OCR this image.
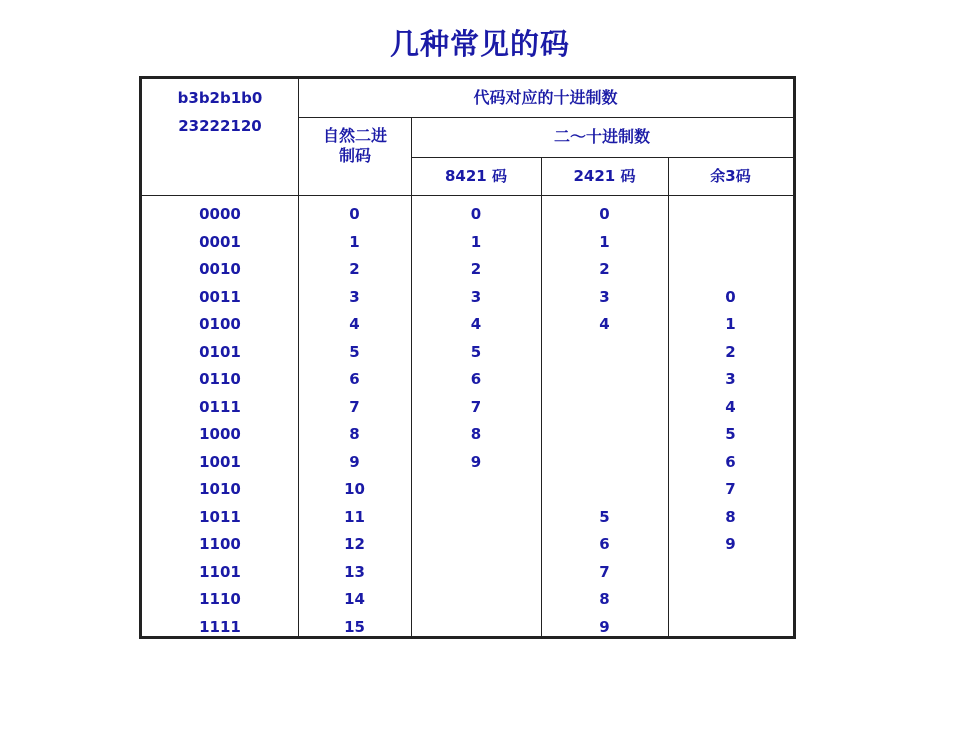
几种常见的码
b3b2b1b0
23222120
代码对应的十进制数
自然二进
制码
二～十进制数
8421 码	2421 码	余3码
0000
0001
0010
0011
0100
0101
0110
0111
1000
1001
1010
1011
1100
1101
1110
1111
0
1
2
3
4
5
6
7
8
9
10
11
12
13
14
15
0
1
2
3
4
5
6
7
8
9
0
1
2
3
4
5
6
7
8
9
0
1
2
3
4
5
6
7
8
9
